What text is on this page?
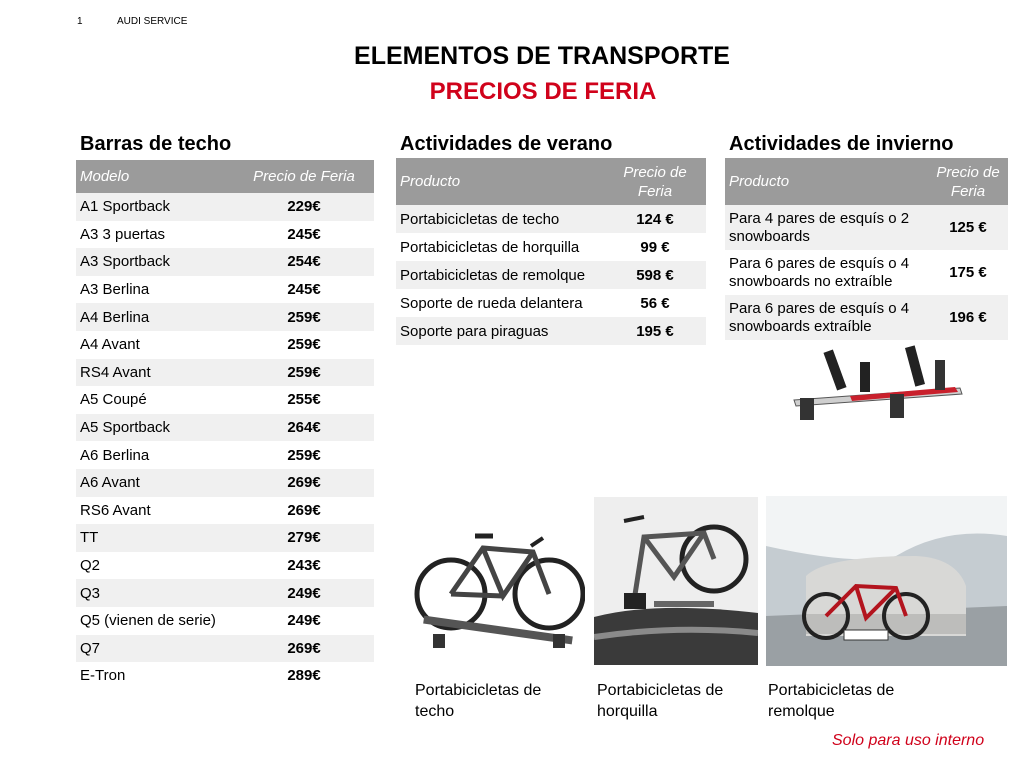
1	AUDI SERVICE
ELEMENTOS DE TRANSPORTE
PRECIOS DE FERIA
Barras de techo	Actividades de verano	Actividades de invierno
Modelo	Precio de Feria
A1 Sportback	229€
A3 3 puertas	245€
A3 Sportback	254€
A3 Berlina	245€
A4 Berlina	259€
A4 Avant	259€
RS4 Avant	259€
A5 Coupé	255€
A5 Sportback	264€
A6 Berlina	259€
A6 Avant	269€
RS6 Avant	269€
TT	279€
Q2	243€
Q3	249€
Q5 (vienen de serie)	249€
Q7	269€
E-Tron	289€
Producto	Precio de Feria
Portabicicletas de techo	124 €
Portabicicletas de horquilla	99 €
Portabicicletas de remolque	598 €
Soporte de rueda delantera	56 €
Soporte para piraguas	195 €
Producto	Precio de Feria
Para 4 pares de esquís o 2 snowboards	125 €
Para 6 pares de esquís o 4 snowboards no extraíble	175 €
Para 6 pares de esquís o 4 snowboards extraíble	196 €
Portabicicletas de techo
Portabicicletas de horquilla
Portabicicletas de remolque
Solo para uso interno
